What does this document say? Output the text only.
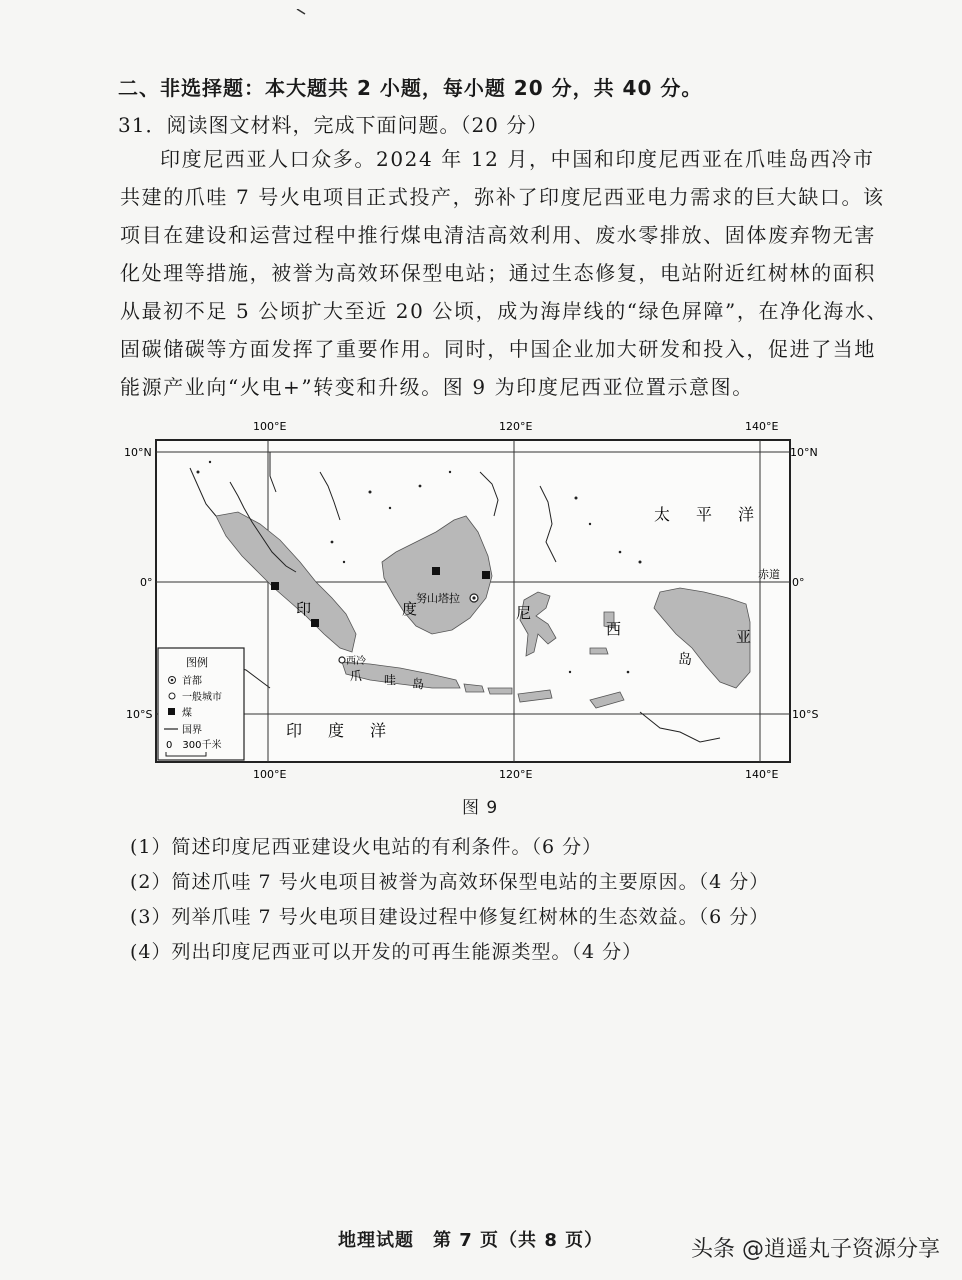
二、非选择题：本大题共 2 小题，每小题 20 分，共 40 分。
31．阅读图文材料，完成下面问题。（20 分）
印度尼西亚人口众多。2024 年 12 月，中国和印度尼西亚在爪哇岛西冷市
共建的爪哇 7 号火电项目正式投产，弥补了印度尼西亚电力需求的巨大缺口。该
项目在建设和运营过程中推行煤电清洁高效利用、废水零排放、固体废弃物无害
化处理等措施，被誉为高效环保型电站；通过生态修复，电站附近红树林的面积
从最初不足 5 公顷扩大至近 20 公顷，成为海岸线的“绿色屏障”，在净化海水、
固碳储碳等方面发挥了重要作用。同时，中国企业加大研发和投入，促进了当地
能源产业向“火电+”转变和升级。图 9 为印度尼西亚位置示意图。
100°E	120°E	140°E
100°E	120°E	140°E
10°N
0°
10°S
10°N
0°
10°S
赤道
太 平 洋
印 度 洋
印	度	尼
西	亚
岛
爪 哇 岛
努山塔拉
西冷
图例
首都
一般城市
煤
国界
0　300千米
图 9
(1）简述印度尼西亚建设火电站的有利条件。（6 分）
(2）简述爪哇 7 号火电项目被誉为高效环保型电站的主要原因。（4 分）
(3）列举爪哇 7 号火电项目建设过程中修复红树林的生态效益。（6 分）
(4）列出印度尼西亚可以开发的可再生能源类型。（4 分）
地理试题　第 7 页（共 8 页）	头条 @逍遥丸子资源分享
